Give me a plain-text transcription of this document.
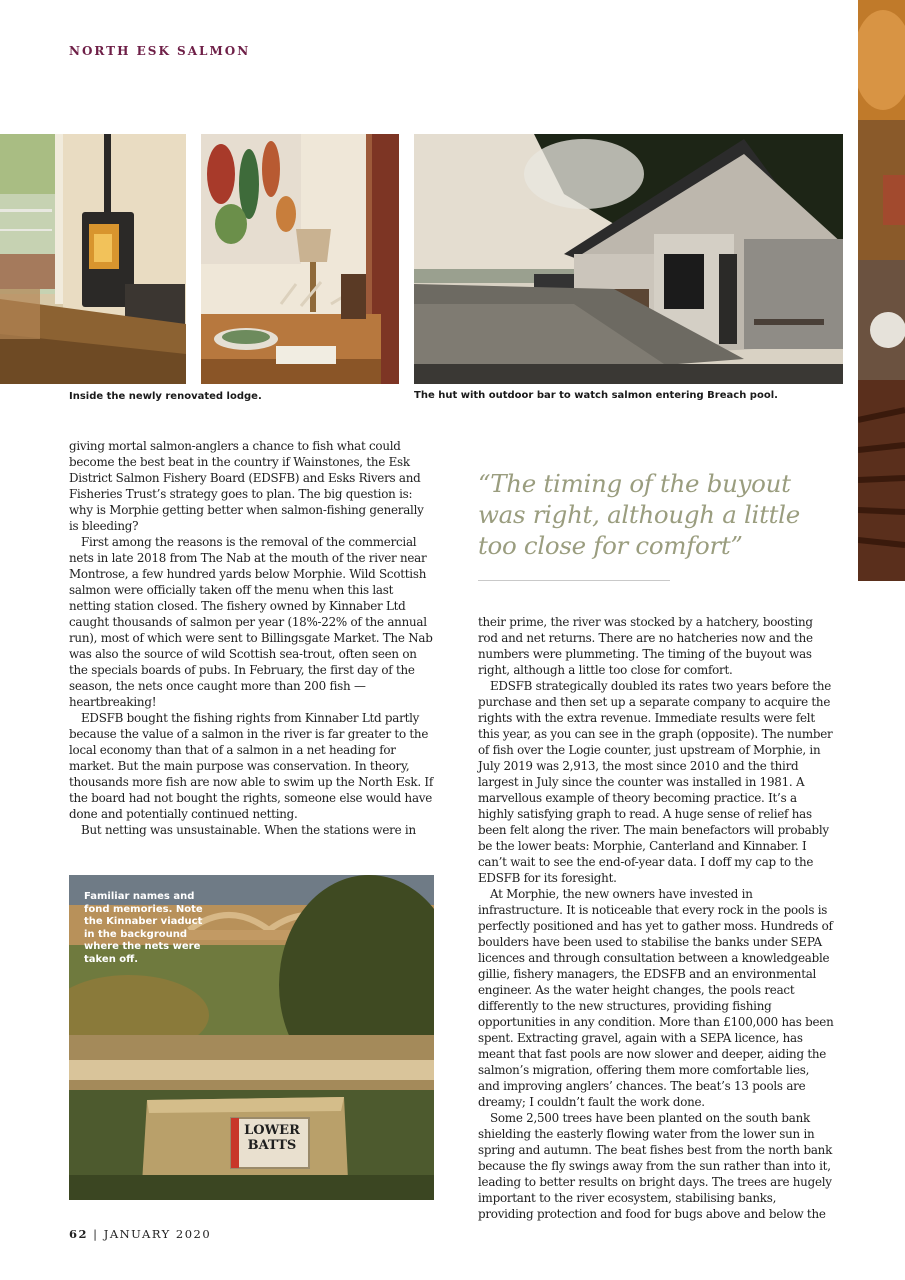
NORTH ESK SALMON
Inside the newly renovated lodge.	The hut with outdoor bar to watch salmon entering Breach pool.

giving mortal salmon-anglers a chance to fish what could become the best beat in the country if Wainstones, the Esk District Salmon Fishery Board (EDSFB) and Esks Rivers and Fisheries Trust’s strategy goes to plan. The big question is: why is Morphie getting better when salmon-fishing generally is bleeding?

First among the reasons is the removal of the commercial nets in late 2018 from The Nab at the mouth of the river near Montrose, a few hundred yards below Morphie. Wild Scottish salmon were officially taken off the menu when this last netting station closed. The fishery owned by Kinnaber Ltd caught thousands of salmon per year (18%-22% of the annual run), most of which were sent to Billingsgate Market. The Nab was also the source of wild Scottish sea-trout, often seen on the specials boards of pubs. In February, the first day of the season, the nets once caught more than 200 fish — heartbreaking!

EDSFB bought the fishing rights from Kinnaber Ltd partly because the value of a salmon in the river is far greater to the local economy than that of a salmon in a net heading for market. But the main purpose was conservation. In theory, thousands more fish are now able to swim up the North Esk. If the board had not bought the rights, someone else would have done and potentially continued netting.

But netting was unsustainable. When the stations were in

“The timing of the buyout was right, although a little too close for comfort”

their prime, the river was stocked by a hatchery, boosting rod and net returns. There are no hatcheries now and the numbers were plummeting. The timing of the buyout was right, although a little too close for comfort.

EDSFB strategically doubled its rates two years before the purchase and then set up a separate company to acquire the rights with the extra revenue. Immediate results were felt this year, as you can see in the graph (opposite). The number of fish over the Logie counter, just upstream of Morphie, in July 2019 was 2,913, the most since 2010 and the third largest in July since the counter was installed in 1981. A marvellous example of theory becoming practice. It’s a highly satisfying graph to read. A huge sense of relief has been felt along the river. The main benefactors will probably be the lower beats: Morphie, Canterland and Kinnaber. I can’t wait to see the end-of-year data. I doff my cap to the EDSFB for its foresight.

At Morphie, the new owners have invested in infrastructure. It is noticeable that every rock in the pools is perfectly positioned and has yet to gather moss. Hundreds of boulders have been used to stabilise the banks under SEPA licences and through consultation between a knowledgeable gillie, fishery managers, the EDSFB and an environmental engineer. As the water height changes, the pools react differently to the new structures, providing fishing opportunities in any condition. More than £100,000 has been spent. Extracting gravel, again with a SEPA licence, has meant that fast pools are now slower and deeper, aiding the salmon’s migration, offering them more comfortable lies, and improving anglers’ chances. The beat’s 13 pools are dreamy; I couldn’t fault the work done.

Some 2,500 trees have been planted on the south bank shielding the easterly flowing water from the lower sun in spring and autumn. The beat fishes best from the north bank because the fly swings away from the sun rather than into it, leading to better results on bright days. The trees are hugely important to the river ecosystem, stabilising banks, providing protection and food for bugs above and below the

LOWER
BATTS
Familiar names and fond memories. Note the Kinnaber viaduct in the background where the nets were taken off.
62 | JANUARY 2020
